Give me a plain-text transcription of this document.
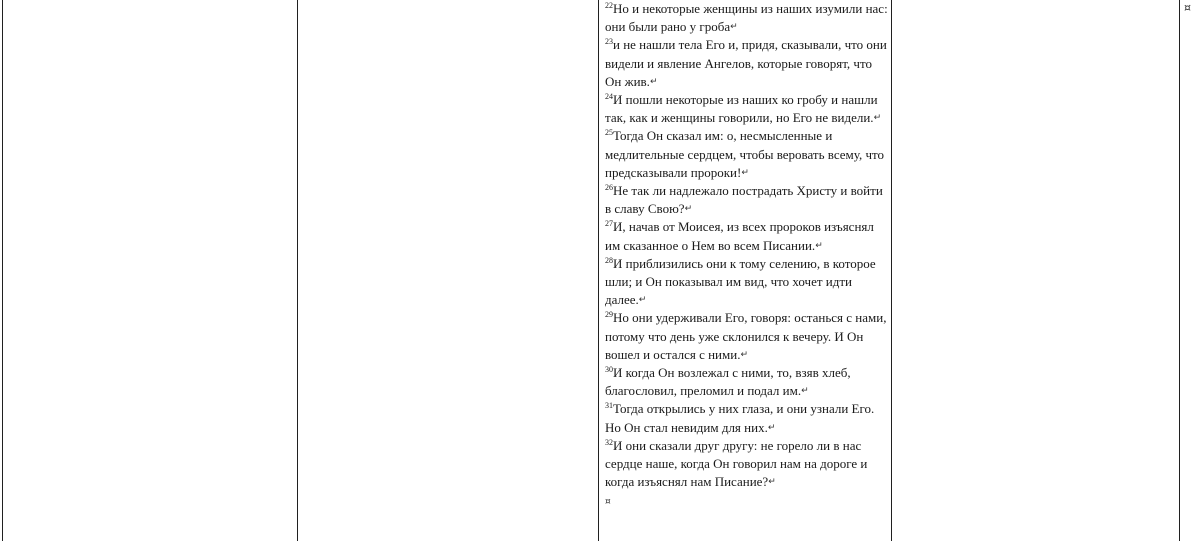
$^{22}$Но и некоторые женщины из наших изумили нас: они были рано у гроба↵

$^{23}$и не нашли тела Его и, придя, сказывали, что они видели и явление Ангелов, которые говорят, что Он жив.↵

$^{24}$И пошли некоторые из наших ко гробу и нашли так, как и женщины говорили, но Его не видели.↵

$^{25}$Тогда Он сказал им: о, несмысленные и медлительные сердцем, чтобы веровать всему, что предсказывали пророки!↵

$^{26}$Не так ли надлежало пострадать Христу и войти в славу Свою?↵

$^{27}$И, начав от Моисея, из всех пророков изъяснял им сказанное о Нем во всем Писании.↵

$^{28}$И приблизились они к тому селению, в которое шли; и Он показывал им вид, что хочет идти далее.↵

$^{29}$Но они удерживали Его, говоря: останься с нами, потому что день уже склонился к вечеру. И Он вошел и остался с ними.↵

$^{30}$И когда Он возлежал с ними, то, взяв хлеб, благословил, преломил и подал им.↵

$^{31}$Тогда открылись у них глаза, и они узнали Его. Но Он стал невидим для них.↵

$^{32}$И они сказали друг другу: не горело ли в нас сердце наше, когда Он говорил нам на дороге и когда изъяснял нам Писание?↵

¤

¤
